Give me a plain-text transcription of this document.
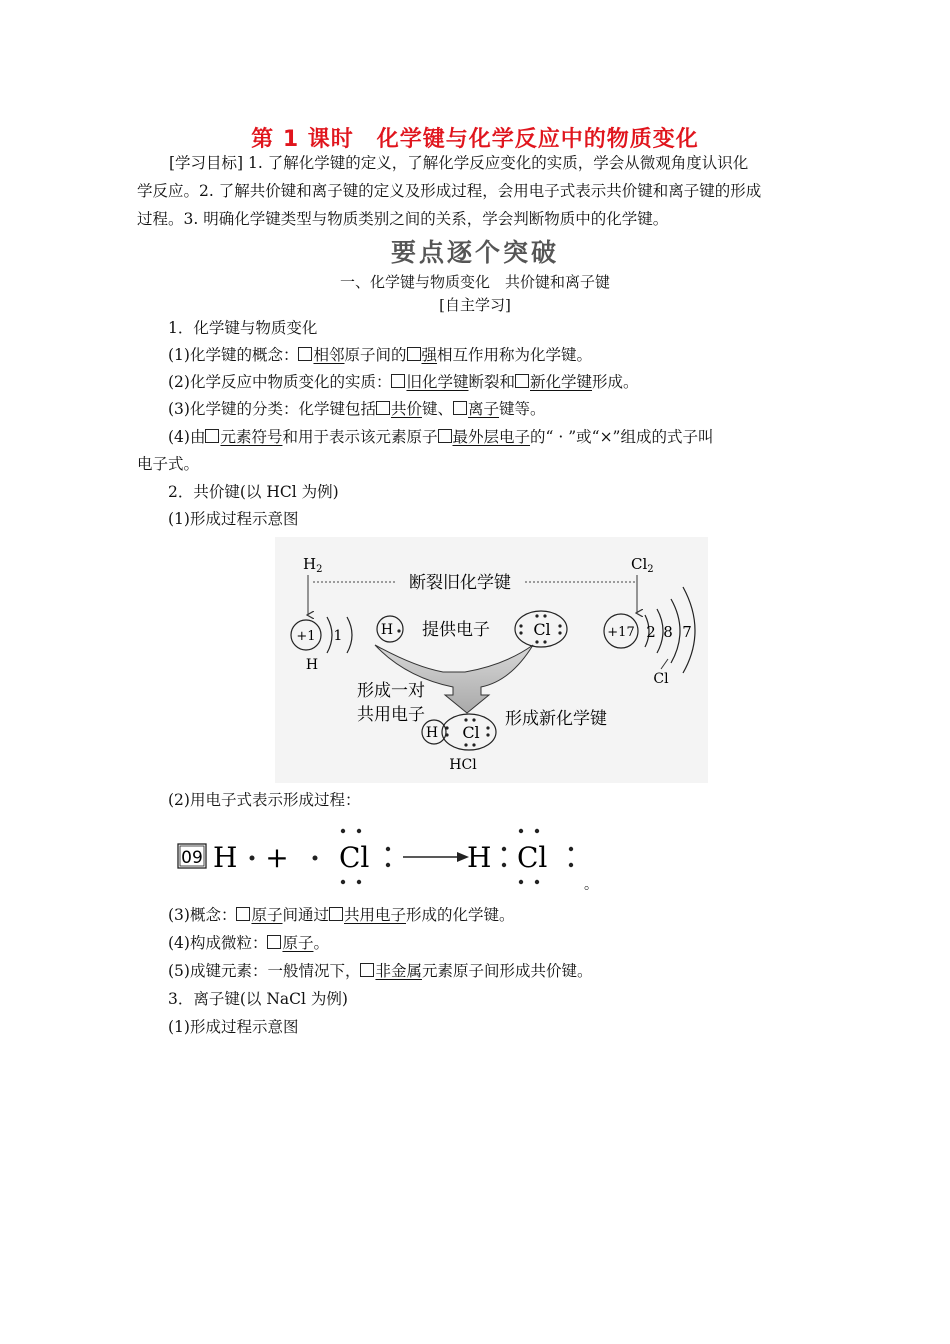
第 1 课时　化学键与化学反应中的物质变化
[学习目标] 1. 了解化学键的定义，了解化学反应变化的实质，学会从微观角度认识化
学反应。2. 了解共价键和离子键的定义及形成过程，会用电子式表示共价键和离子键的形成
过程。3. 明确化学键类型与物质类别之间的关系，学会判断物质中的化学键。
要点逐个突破
一、化学键与物质变化　共价键和离子键
[自主学习]
1．化学键与物质变化
(1)化学键的概念： 相邻原子间的 强相互作用称为化学键。
(2)化学反应中物质变化的实质： 旧化学键断裂和 新化学键形成。
(3)化学键的分类：化学键包括 共价键、 离子键等。
(4)由 元素符号和用于表示该元素原子 最外层电子的“ · ”或“×”组成的式子叫
电子式。
2．共价键(以 HCl 为例)
(1)形成过程示意图
$H_2$	$Cl_2$
断裂旧化学键
+1 1
H
+17 2 8 7
Cl
H 提供电子	Cl
形成一对
共用电子	形成新化学键
H Cl
HCl
(2)用电子式表示形成过程：
09 H + Cl	H Cl
。
(3)概念： 原子间通过 共用电子形成的化学键。
(4)构成微粒： 原子。
(5)成键元素：一般情况下， 非金属元素原子间形成共价键。
3．离子键(以 NaCl 为例)
(1)形成过程示意图
